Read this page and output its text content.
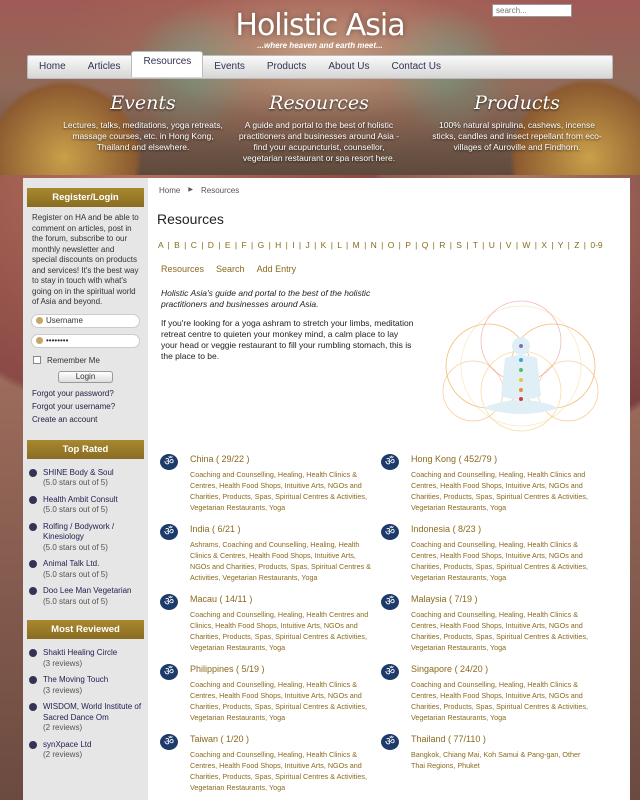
Holistic Asia
...where heaven and earth meet...
search...
Home	Articles	Resources	Events	Products	About Us	Contact Us
Events
Lectures, talks, meditations, yoga retreats, massage courses, etc. in Hong Kong, Thailand and elsewhere.
Resources
A guide and portal to the best of holistic practitioners and businesses around Asia - find your acupuncturist, counsellor, vegetarian restaurant or spa resort here.
Products
100% natural spirulina, cashews, incense sticks, candles and insect repellant from eco-villages of Auroville and Findhorn.
Register/Login
Register on HA and be able to comment on articles, post in the forum, subscribe to our monthly newsletter and special discounts on products and services! It's the best way to stay in touch with what's going on in the spiritual world of Asia and beyond.
Username
••••••••
Remember Me
Login
Forgot your password?
Forgot your username?
Create an account
Top Rated
SHINE Body & Soul
(5.0 stars out of 5)
Health Ambit Consult
(5.0 stars out of 5)
Rolfing / Bodywork / Kinesiology
(5.0 stars out of 5)
Animal Talk Ltd.
(5.0 stars out of 5)
Doo Lee Man Vegetarian
(5.0 stars out of 5)
Most Reviewed
Shakti Healing Circle
(3 reviews)
The Moving Touch
(3 reviews)
WISDOM, World Institute of Sacred Dance Om
(2 reviews)
synXpace Ltd
(2 reviews)
Home ▶ Resources
Resources
A | B | C | D | E | F | G | H | I | J | K | L | M | N | O | P | Q | R | S | T | U | V | W | X | Y | Z | 0-9
Resources Search Add Entry
Holistic Asia's guide and portal to the best of the holistic practitioners and businesses around Asia.
If you're looking for a yoga ashram to stretch your limbs, meditation retreat centre to quieten your monkey mind, a calm place to lay your head or veggie restaurant to fill your rumbling stomach, this is the place to be.
ॐ	China ( 29/22 )
Coaching and Counselling, Healing, Health Clinics & Centres, Health Food Shops, Intuitive Arts, NGOs and Charities, Products, Spas, Spiritual Centres & Activities, Vegetarian Restaurants, Yoga
ॐ	Hong Kong ( 452/79 )
Coaching and Counselling, Healing, Health Clinics and Centres, Health Food Shops, Intuitive Arts, NGOs and Charities, Products, Spas, Spiritual Centres & Activities, Vegetarian Restaurants, Yoga
ॐ	India ( 6/21 )
Ashrams, Coaching and Counselling, Healing, Health Clinics & Centres, Health Food Shops, Intuitive Arts, NGOs and Charities, Products, Spas, Spiritual Centres & Activities, Vegetarian Restaurants, Yoga
ॐ	Indonesia ( 8/23 )
Coaching and Counselling, Healing, Health Clinics & Centres, Health Food Shops, Intuitive Arts, NGOs and Charities, Products, Spas, Spiritual Centres & Activities, Vegetarian Restaurants, Yoga
ॐ	Macau ( 14/11 )
Coaching and Counselling, Healing, Health Centres and Clinics, Health Food Shops, Intuitive Arts, NGOs and Charities, Products, Spas, Spiritual Centres & Activities, Vegetarian Restaurants, Yoga
ॐ	Malaysia ( 7/19 )
Coaching and Counselling, Healing, Health Clinics & Centres, Health Food Shops, Intuitive Arts, NGOs and Charities, Products, Spas, Spiritual Centres & Activities, Vegetarian Restaurants, Yoga
ॐ	Philippines ( 5/19 )
Coaching and Counselling, Healing, Health Clinics & Centres, Health Food Shops, Intuitive Arts, NGOs and Charities, Products, Spas, Spiritual Centres & Activities, Vegetarian Restaurants, Yoga
ॐ	Singapore ( 24/20 )
Coaching and Counselling, Healing, Health Clinics & Centres, Health Food Shops, Intuitive Arts, NGOs and Charities, Products, Spas, Spiritual Centres & Activities, Vegetarian Restaurants, Yoga
ॐ	Taiwan ( 1/20 )
Coaching and Counselling, Healing, Health Clinics & Centres, Health Food Shops, Intuitive Arts, NGOs and Charities, Products, Spas, Spiritual Centres & Activities, Vegetarian Restaurants, Yoga
ॐ	Thailand ( 77/110 )
Bangkok, Chiang Mai, Koh Samui & Pang-gan, Other Thai Regions, Phuket
